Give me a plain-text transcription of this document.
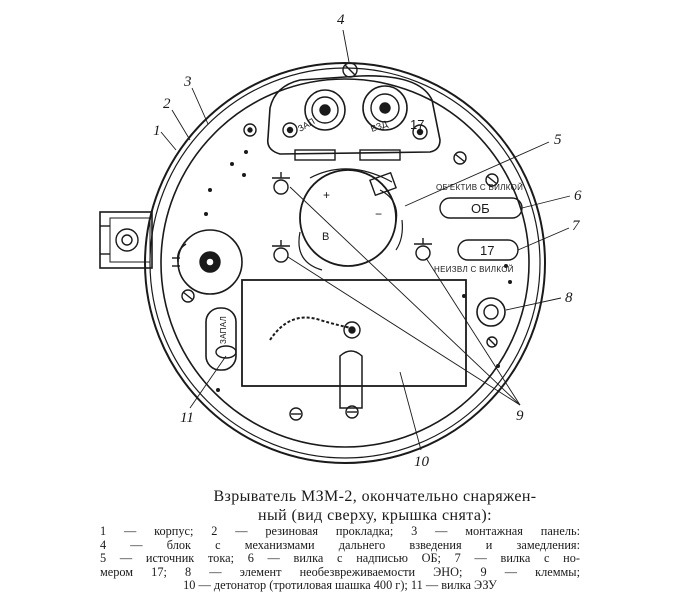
1
2
3
4
5
6
7
8
9
10
11
ОБ'ЕКТИВ С ВИЛКОЙ
ОБ
17
НЕИЗВЛ С ВИЛКОЙ
ЗАПАЛ
17
ЗАП	ВЗД
+
−
В
Взрыватель МЗМ-2, окончательно снаряжен-
ный (вид сверху, крышка снята):
1 — корпус; 2 — резиновая прокладка; 3 — монтажная панель:
4 — блок с механизмами дальнего взведения и замедления:
5 — источник тока; 6 — вилка с надписью ОБ; 7 — вилка с но-
мером 17; 8 — элемент необезвреживаемости ЭНО; 9 — клеммы;
10 — детонатор (тротиловая шашка 400 г); 11 — вилка ЭЗУ
